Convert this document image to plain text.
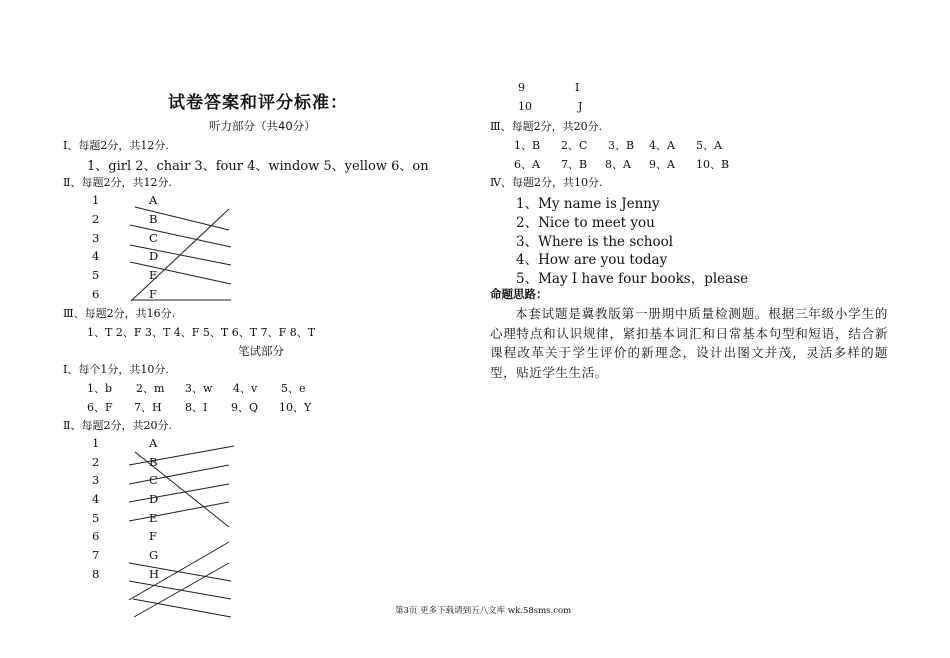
试卷答案和评分标准：
听力部分（共40分）
Ⅰ、每题2分，共12分.
1、girl 2、chair 3、four 4、window 5、yellow 6、on
Ⅱ、每题2分，共12分.
1
2
3
4
5
6
A
B
C
D
E
F
Ⅲ、每题2分，共16分.
1、T 2、F 3、T 4、F 5、T 6、T 7、F 8、T
笔试部分
Ⅰ、每个1分，共10分.
1、b 2、m 3、w 4、v 5、e
6、F 7、H 8、I 9、Q 10、Y
Ⅱ、每题2分，共20分.
1
2
3
4
5
6
7
8
A
B
C
D
E
F
G
H
9	I
10	J
Ⅲ、每题2分，共20分.
1、B 2、C 3、B 4、A 5、A
6、A 7、B 8、A 9、A 10、B
Ⅳ、每题2分，共10分.
1、My name is Jenny
2、Nice to meet you
3、Where is the school
4、How are you today
5、May I have four books，please
命题思路：
本套试题是冀教版第一册期中质量检测题。根据三年级小学生的心理特点和认识规律，紧扣基本词汇和日常基本句型和短语，结合新课程改革关于学生评价的新理念，设计出图文并茂，灵活多样的题型，贴近学生生活。
第3页 更多下载请到五八文库 wk.58sms.com
